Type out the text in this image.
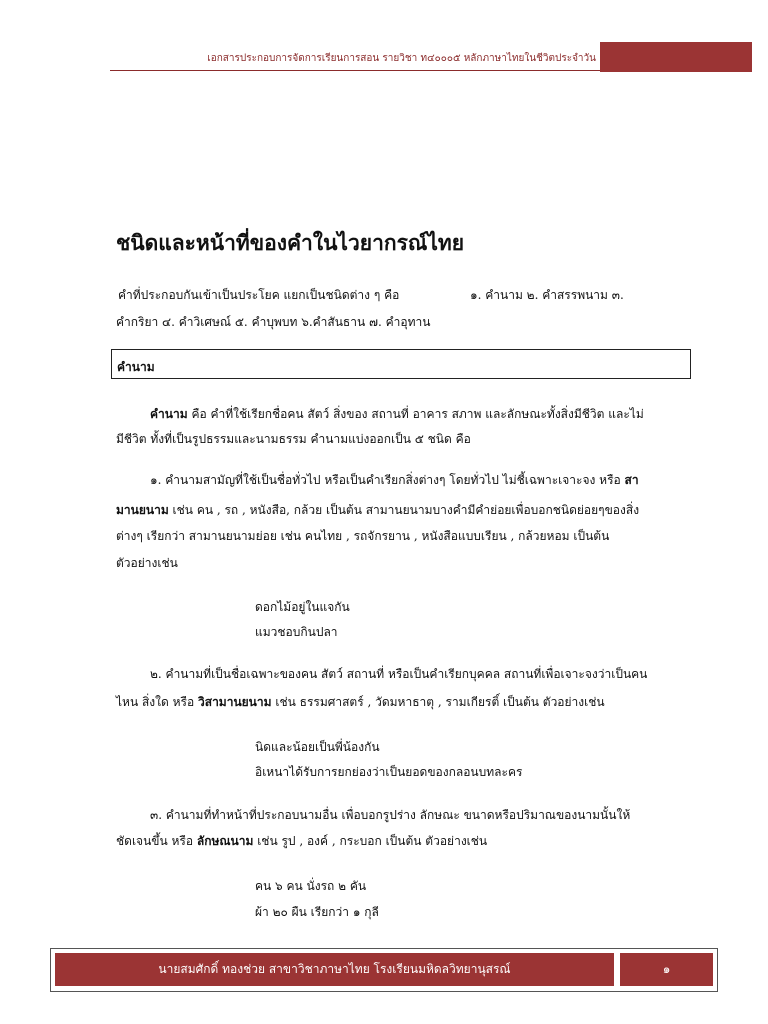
เอกสารประกอบการจัดการเรียนการสอน รายวิชา ท๔๐๐๐๕ หลักภาษาไทยในชีวิตประจำวัน
ชนิดและหน้าที่ของคำในไวยากรณ์ไทย
คำที่ประกอบกันเข้าเป็นประโยค แยกเป็นชนิดต่าง ๆ คือ	๑. คำนาม ๒. คำสรรพนาม ๓.
คำกริยา ๔. คำวิเศษณ์ ๕. คำบุพบท ๖.คำสันธาน ๗. คำอุทาน
คำนาม
คำนาม คือ คำที่ใช้เรียกชื่อคน สัตว์ สิ่งของ สถานที่ อาคาร สภาพ และลักษณะทั้งสิ่งมีชีวิต และไม่
มีชีวิต ทั้งที่เป็นรูปธรรมและนามธรรม คำนามแบ่งออกเป็น ๕ ชนิด คือ
๑. คำนามสามัญที่ใช้เป็นชื่อทั่วไป หรือเป็นคำเรียกสิ่งต่างๆ โดยทั่วไป ไม่ชี้เฉพาะเจาะจง หรือ สา
มานยนาม เช่น คน , รถ , หนังสือ, กล้วย เป็นต้น สามานยนามบางคำมีคำย่อยเพื่อบอกชนิดย่อยๆของสิ่ง
ต่างๆ เรียกว่า สามานยนามย่อย เช่น คนไทย , รถจักรยาน , หนังสือแบบเรียน , กล้วยหอม เป็นต้น
ตัวอย่างเช่น
ดอกไม้อยู่ในแจกัน
แมวชอบกินปลา
๒. คำนามที่เป็นชื่อเฉพาะของคน สัตว์ สถานที่ หรือเป็นคำเรียกบุคคล สถานที่เพื่อเจาะจงว่าเป็นคน
ไหน สิ่งใด หรือ วิสามานยนาม เช่น ธรรมศาสตร์ , วัดมหาธาตุ , รามเกียรติ์ เป็นต้น ตัวอย่างเช่น
นิดและน้อยเป็นพี่น้องกัน
อิเหนาได้รับการยกย่องว่าเป็นยอดของกลอนบทละคร
๓. คำนามที่ทำหน้าที่ประกอบนามอื่น เพื่อบอกรูปร่าง ลักษณะ ขนาดหรือปริมาณของนามนั้นให้
ชัดเจนขึ้น หรือ ลักษณนาม เช่น รูป , องค์ , กระบอก เป็นต้น ตัวอย่างเช่น
คน ๖ คน นั่งรถ ๒ คัน
ผ้า ๒๐ ผืน เรียกว่า ๑ กุลี
นายสมศักดิ์ ทองช่วย สาขาวิชาภาษาไทย โรงเรียนมหิดลวิทยานุสรณ์	๑
